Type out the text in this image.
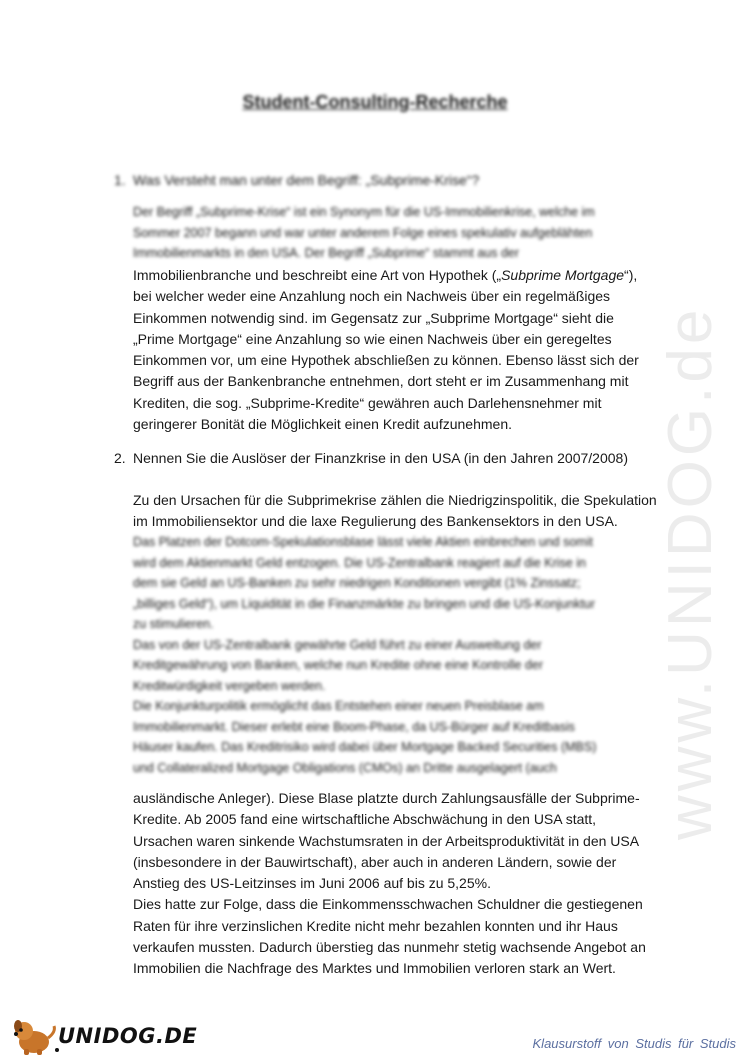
www.UNIDOG.de
Student-Consulting-Recherche
1. Was Versteht man unter dem Begriff: „Subprime-Krise“?

Der Begriff „Subprime-Krise“ ist ein Synonym für die US-Immobilienkrise, welche im

Sommer 2007 begann und war unter anderem Folge eines spekulativ aufgeblähten

Immobilienmarkts in den USA. Der Begriff „Subprime“ stammt aus der

Immobilienbranche und beschreibt eine Art von Hypothek („Subprime Mortgage“), bei welcher weder eine Anzahlung noch ein Nachweis über ein regelmäßiges Einkommen notwendig sind. im Gegensatz zur „Subprime Mortgage“ sieht die „Prime Mortgage“ eine Anzahlung so wie einen Nachweis über ein geregeltes Einkommen vor, um eine Hypothek abschließen zu können. Ebenso lässt sich der Begriff aus der Bankenbranche entnehmen, dort steht er im Zusammenhang mit Krediten, die sog. „Subprime-Kredite“ gewähren auch Darlehensnehmer mit geringerer Bonität die Möglichkeit einen Kredit aufzunehmen.
2. Nennen Sie die Auslöser der Finanzkrise in den USA (in den Jahren 2007/2008)
Zu den Ursachen für die Subprimekrise zählen die Niedrigzinspolitik, die Spekulation im Immobiliensektor und die laxe Regulierung des Bankensektors in den USA.

Das Platzen der Dotcom-Spekulationsblase lässt viele Aktien einbrechen und somit

wird dem Aktienmarkt Geld entzogen. Die US-Zentralbank reagiert auf die Krise in

dem sie Geld an US-Banken zu sehr niedrigen Konditionen vergibt (1% Zinssatz;

„billiges Geld“), um Liquidität in die Finanzmärkte zu bringen und die US-Konjunktur

zu stimulieren.

Das von der US-Zentralbank gewährte Geld führt zu einer Ausweitung der

Kreditgewährung von Banken, welche nun Kredite ohne eine Kontrolle der

Kreditwürdigkeit vergeben werden.

Die Konjunkturpolitik ermöglicht das Entstehen einer neuen Preisblase am

Immobilienmarkt. Dieser erlebt eine Boom-Phase, da US-Bürger auf Kreditbasis

Häuser kaufen. Das Kreditrisiko wird dabei über Mortgage Backed Securities (MBS)

und Collateralized Mortgage Obligations (CMOs) an Dritte ausgelagert (auch

ausländische Anleger). Diese Blase platzte durch Zahlungsausfälle der Subprime-Kredite. Ab 2005 fand eine wirtschaftliche Abschwächung in den USA statt, Ursachen waren sinkende Wachstumsraten in der Arbeitsproduktivität in den USA (insbesondere in der Bauwirtschaft), aber auch in anderen Ländern, sowie der Anstieg des US-Leitzinses im Juni 2006 auf bis zu 5,25%.

Dies hatte zur Folge, dass die Einkommensschwachen Schuldner die gestiegenen Raten für ihre verzinslichen Kredite nicht mehr bezahlen konnten und ihr Haus verkaufen mussten. Dadurch überstieg das nunmehr stetig wachsende Angebot an Immobilien die Nachfrage des Marktes und Immobilien verloren stark an Wert.

UNIDOG.DE	Klausurstoff von Studis für Studis
